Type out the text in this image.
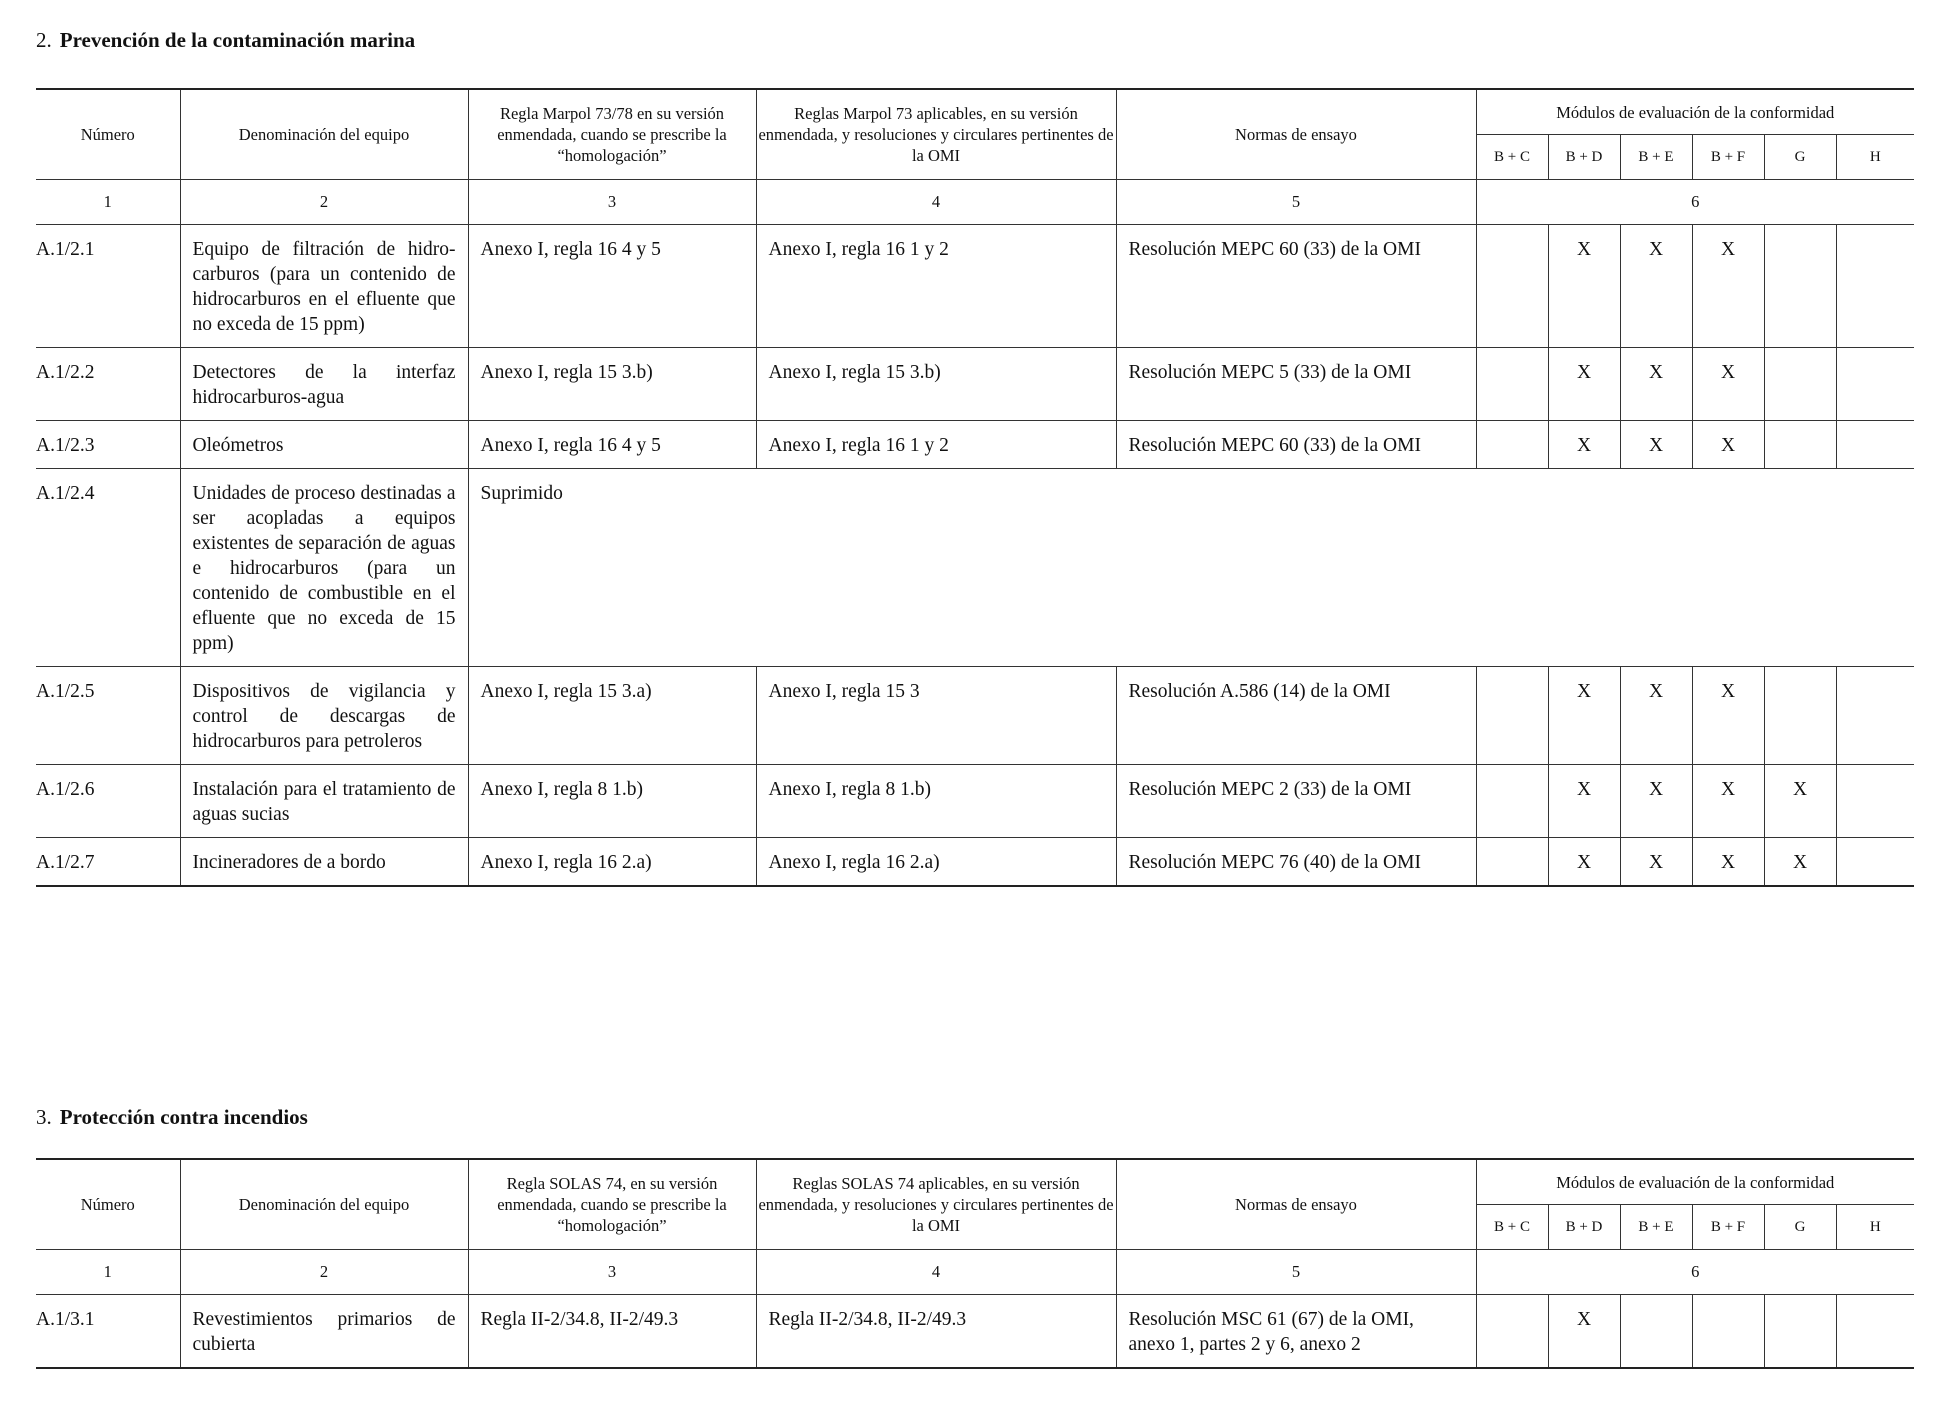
2. Prevención de la contaminación marina
Número	Denominación del equipo	Regla Marpol 73/78 en su versión enmendada, cuando se prescribe la “homologación”	Reglas Marpol 73 aplicables, en su versión enmendada, y resoluciones y circulares pertinentes de la OMI	Normas de ensayo	Módulos de evaluación de la conformidad					
					B + C	B + D	B + E	B + F	G	H
1	2	3	4	5	6					
A.1/2.1	Equipo de filtración de hidrocarburos (para un contenido de hidrocarburos en el efluente que no exceda de 15 ppm)	Anexo I, regla 16 4 y 5	Anexo I, regla 16 1 y 2	Resolución MEPC 60 (33) de la OMI		X	X	X		
A.1/2.2	Detectores de la interfaz hidrocarburos-agua	Anexo I, regla 15 3.b)	Anexo I, regla 15 3.b)	Resolución MEPC 5 (33) de la OMI		X	X	X		
A.1/2.3	Oleómetros	Anexo I, regla 16 4 y 5	Anexo I, regla 16 1 y 2	Resolución MEPC 60 (33) de la OMI		X	X	X		
A.1/2.4	Unidades de proceso destinadas a ser acopladas a equipos existentes de separación de aguas e hidrocarburos (para un contenido de combustible en el efluente que no exceda de 15 ppm)	Suprimido								
A.1/2.5	Dispositivos de vigilancia y control de descargas de hidrocarburos para petroleros	Anexo I, regla 15 3.a)	Anexo I, regla 15 3	Resolución A.586 (14) de la OMI		X	X	X		
A.1/2.6	Instalación para el tratamiento de aguas sucias	Anexo I, regla 8 1.b)	Anexo I, regla 8 1.b)	Resolución MEPC 2 (33) de la OMI		X	X	X	X	
A.1/2.7	Incineradores de a bordo	Anexo I, regla 16 2.a)	Anexo I, regla 16 2.a)	Resolución MEPC 76 (40) de la OMI		X	X	X	X	
3. Protección contra incendios
Número	Denominación del equipo	Regla SOLAS 74, en su versión enmendada, cuando se prescribe la “homologación”	Reglas SOLAS 74 aplicables, en su versión enmendada, y resoluciones y circulares pertinentes de la OMI	Normas de ensayo	Módulos de evaluación de la conformidad					
					B + C	B + D	B + E	B + F	G	H
1	2	3	4	5	6					
A.1/3.1	Revestimientos primarios de cubierta	Regla II-2/34.8, II-2/49.3	Regla II-2/34.8, II-2/49.3	Resolución MSC 61 (67) de la OMI, anexo 1, partes 2 y 6, anexo 2		X				
